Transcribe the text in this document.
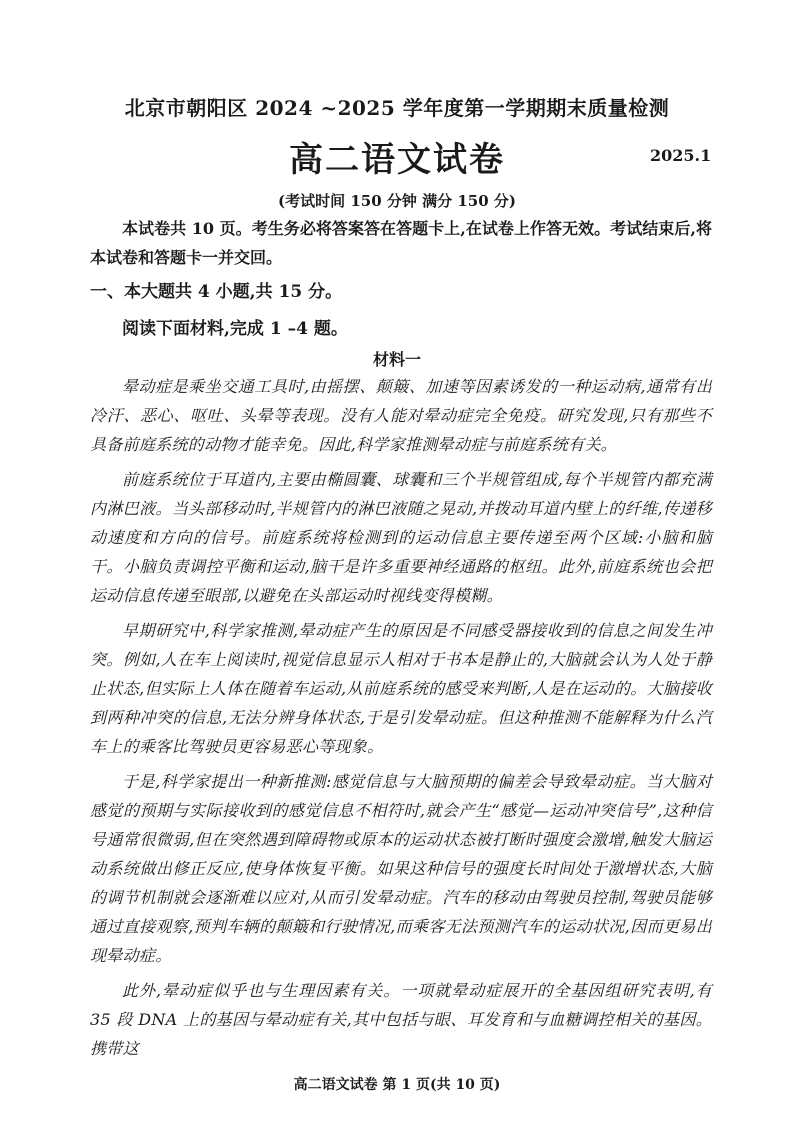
北京市朝阳区 2024 ~2025 学年度第一学期期末质量检测
高二语文试卷	2025.1
(考试时间 150 分钟 满分 150 分)
本试卷共 10 页。考生务必将答案答在答题卡上,在试卷上作答无效。考试结束后,将本试卷和答题卡一并交回。
一、本大题共 4 小题,共 15 分。
阅读下面材料,完成 1 –4 题。
材料一

晕动症是乘坐交通工具时,由摇摆、颠簸、加速等因素诱发的一种运动病,通常有出冷汗、恶心、呕吐、头晕等表现。没有人能对晕动症完全免疫。研究发现,只有那些不具备前庭系统的动物才能幸免。因此,科学家推测晕动症与前庭系统有关。

前庭系统位于耳道内,主要由椭圆囊、球囊和三个半规管组成,每个半规管内都充满内淋巴液。当头部移动时,半规管内的淋巴液随之晃动,并拨动耳道内壁上的纤维,传递移动速度和方向的信号。前庭系统将检测到的运动信息主要传递至两个区域:小脑和脑干。小脑负责调控平衡和运动,脑干是许多重要神经通路的枢纽。此外,前庭系统也会把运动信息传递至眼部,以避免在头部运动时视线变得模糊。

早期研究中,科学家推测,晕动症产生的原因是不同感受器接收到的信息之间发生冲突。例如,人在车上阅读时,视觉信息显示人相对于书本是静止的,大脑就会认为人处于静止状态,但实际上人体在随着车运动,从前庭系统的感受来判断,人是在运动的。大脑接收到两种冲突的信息,无法分辨身体状态,于是引发晕动症。但这种推测不能解释为什么汽车上的乘客比驾驶员更容易恶心等现象。

于是,科学家提出一种新推测:感觉信息与大脑预期的偏差会导致晕动症。当大脑对感觉的预期与实际接收到的感觉信息不相符时,就会产生“感觉—运动冲突信号”,这种信号通常很微弱,但在突然遇到障碍物或原本的运动状态被打断时强度会激增,触发大脑运动系统做出修正反应,使身体恢复平衡。如果这种信号的强度长时间处于激增状态,大脑的调节机制就会逐渐难以应对,从而引发晕动症。汽车的移动由驾驶员控制,驾驶员能够通过直接观察,预判车辆的颠簸和行驶情况,而乘客无法预测汽车的运动状况,因而更易出现晕动症。

此外,晕动症似乎也与生理因素有关。一项就晕动症展开的全基因组研究表明,有 35 段 DNA 上的基因与晕动症有关,其中包括与眼、耳发育和与血糖调控相关的基因。携带这

高二语文试卷 第 1 页(共 10 页)
